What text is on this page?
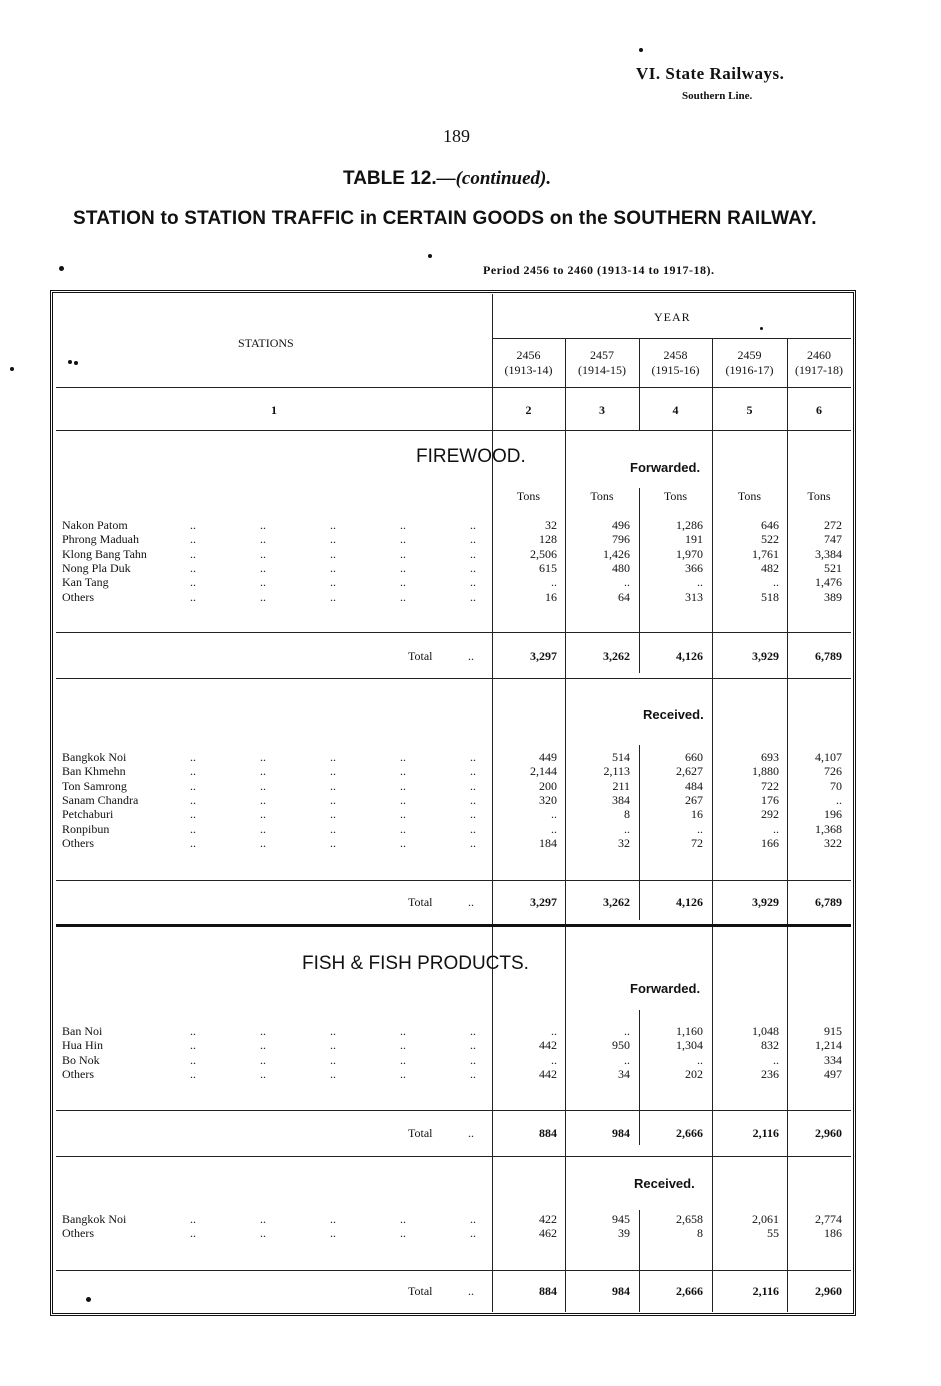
VI. State Railways.
Southern Line.
189
TABLE 12.—(continued).
STATION to STATION TRAFFIC in CERTAIN GOODS on the SOUTHERN RAILWAY.
Period 2456 to 2460 (1913-14 to 1917-18).
STATIONS
YEAR
2456
(1913-14)
2457
(1914-15)
2458
(1915-16)
2459
(1916-17)
2460
(1917-18)
1	2	3	4	5	6
FIREWOOD.
Forwarded.
Tons	Tons	Tons	Tons	Tons
Nakon Patom	..	..	..	..	..	32	496	1,286	646	272
Phrong Maduah	..	..	..	..	..	128	796	191	522	747
Klong Bang Tahn	..	..	..	..	..	2,506	1,426	1,970	1,761	3,384
Nong Pla Duk	..	..	..	..	..	615	480	366	482	521
Kan Tang	..	..	..	..	..	..	..	..	..	1,476
Others	..	..	..	..	..	16	64	313	518	389
Total	..	3,297	3,262	4,126	3,929	6,789
Received.
Bangkok Noi	..	..	..	..	..	449	514	660	693	4,107
Ban Khmehn	..	..	..	..	..	2,144	2,113	2,627	1,880	726
Ton Samrong	..	..	..	..	..	200	211	484	722	70
Sanam Chandra	..	..	..	..	..	320	384	267	176	..
Petchaburi	..	..	..	..	..	..	8	16	292	196
Ronpibun	..	..	..	..	..	..	..	..	..	1,368
Others	..	..	..	..	..	184	32	72	166	322
Total	..	3,297	3,262	4,126	3,929	6,789
FISH & FISH PRODUCTS.
Forwarded.
Ban Noi	..	..	..	..	..	..	..	1,160	1,048	915
Hua Hin	..	..	..	..	..	442	950	1,304	832	1,214
Bo Nok	..	..	..	..	..	..	..	..	..	334
Others	..	..	..	..	..	442	34	202	236	497
Total	..	884	984	2,666	2,116	2,960
Received.
Bangkok Noi	..	..	..	..	..	422	945	2,658	2,061	2,774
Others	..	..	..	..	..	462	39	8	55	186
Total	..	884	984	2,666	2,116	2,960
